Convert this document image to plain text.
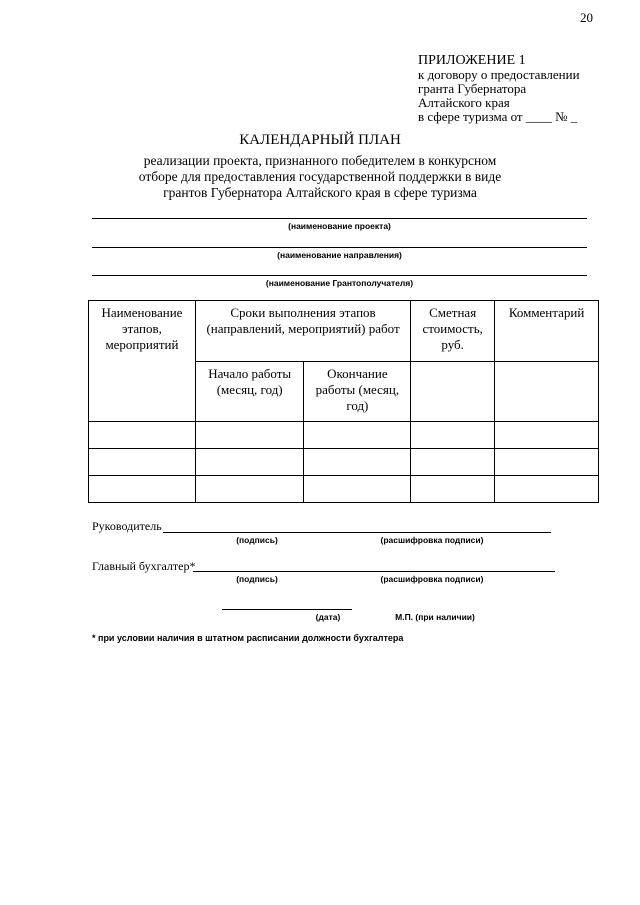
20
ПРИЛОЖЕНИЕ 1
к договору о предоставлении
гранта Губернатора
Алтайского края
в сфере туризма от ____ № _
КАЛЕНДАРНЫЙ ПЛАН
реализации проекта, признанного победителем в конкурсном
отборе для предоставления государственной поддержки в виде
грантов Губернатора Алтайского края в сфере туризма
(наименование проекта)
(наименование направления)
(наименование Грантополучателя)
Наименование этапов, мероприятий	Сроки выполнения этапов (направлений, мероприятий) работ		Сметная стоимость, руб.	Комментарий
	Начало работы (месяц, год)	Окончание работы (месяц, год)		

Руководитель
(подпись)	(расшифровка подписи)
Главный бухгалтер*
(подпись)	(расшифровка подписи)
(дата)	М.П. (при наличии)
* при условии наличия в штатном расписании должности бухгалтера
